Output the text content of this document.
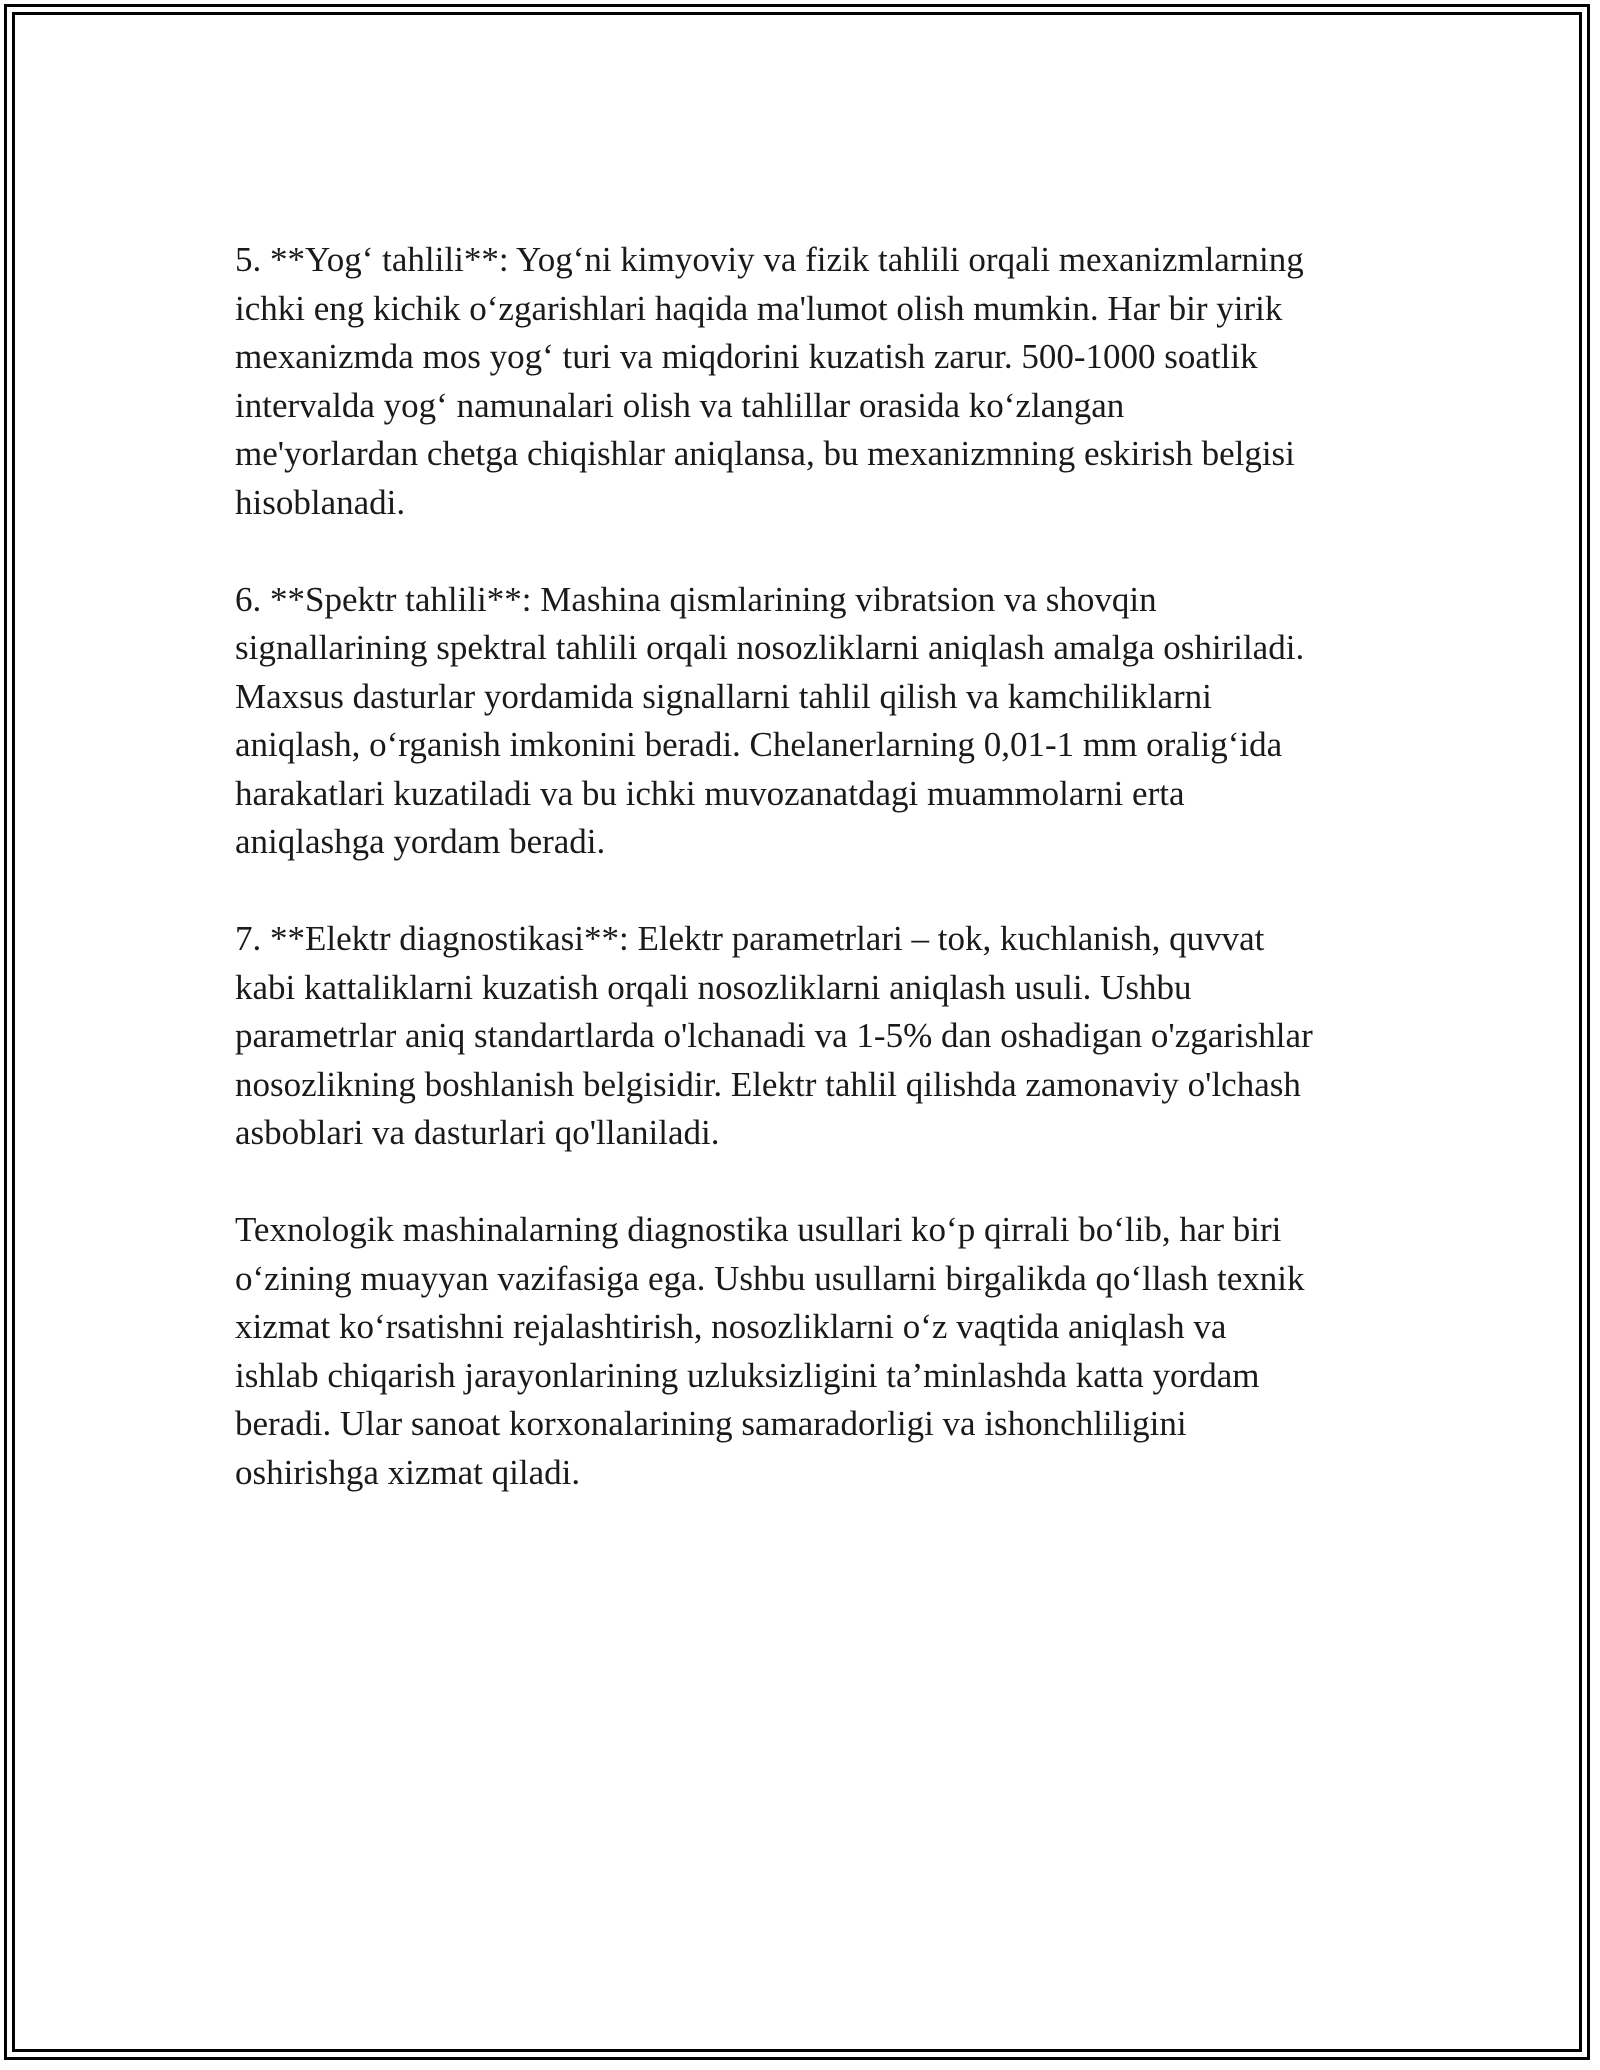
5. **Yog‘ tahlili**: Yog‘ni kimyoviy va fizik tahlili orqali mexanizmlarning
ichki eng kichik o‘zgarishlari haqida ma'lumot olish mumkin. Har bir yirik
mexanizmda mos yog‘ turi va miqdorini kuzatish zarur. 500-1000 soatlik
intervalda yog‘ namunalari olish va tahlillar orasida ko‘zlangan
me'yorlardan chetga chiqishlar aniqlansa, bu mexanizmning eskirish belgisi
hisoblanadi.

6. **Spektr tahlili**: Mashina qismlarining vibratsion va shovqin
signallarining spektral tahlili orqali nosozliklarni aniqlash amalga oshiriladi.
Maxsus dasturlar yordamida signallarni tahlil qilish va kamchiliklarni
aniqlash, o‘rganish imkonini beradi. Chelanerlarning 0,01-1 mm oralig‘ida
harakatlari kuzatiladi va bu ichki muvozanatdagi muammolarni erta
aniqlashga yordam beradi.

7. **Elektr diagnostikasi**: Elektr parametrlari – tok, kuchlanish, quvvat
kabi kattaliklarni kuzatish orqali nosozliklarni aniqlash usuli. Ushbu
parametrlar aniq standartlarda o'lchanadi va 1-5% dan oshadigan o'zgarishlar
nosozlikning boshlanish belgisidir. Elektr tahlil qilishda zamonaviy o'lchash
asboblari va dasturlari qo'llaniladi.

Texnologik mashinalarning diagnostika usullari ko‘p qirrali bo‘lib, har biri
o‘zining muayyan vazifasiga ega. Ushbu usullarni birgalikda qo‘llash texnik
xizmat ko‘rsatishni rejalashtirish, nosozliklarni o‘z vaqtida aniqlash va
ishlab chiqarish jarayonlarining uzluksizligini ta’minlashda katta yordam
beradi. Ular sanoat korxonalarining samaradorligi va ishonchliligini
oshirishga xizmat qiladi.
